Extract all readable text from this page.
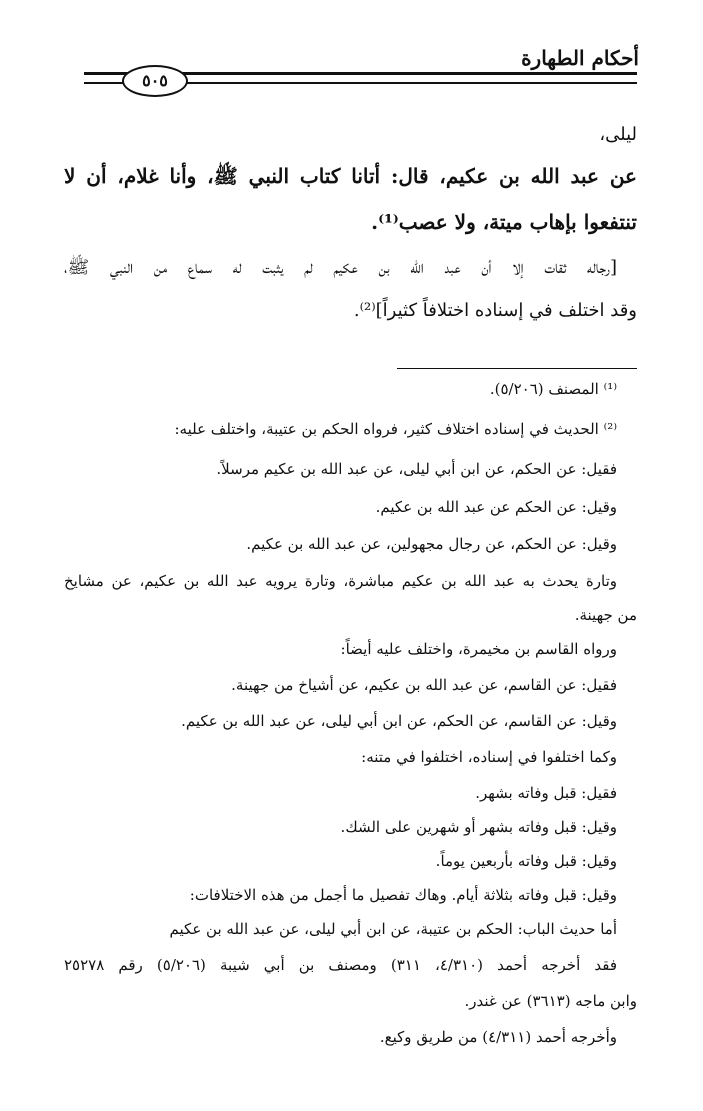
أحكام الطهارة
٥٠٥
ليلى،
عن عبد الله بن عكيم، قال: أتانا كتاب النبي ﷺ، وأنا غلام، أن لا
تنتفعوا بإهاب ميتة، ولا عصب⁽¹⁾.
[رجاله ثقات إلا أن عبد الله بن عكيم لم يثبت له سماع من النبي ﷺ،
وقد اختلف في إسناده اختلافاً كثيراً]⁽²⁾.
⁽¹⁾ المصنف (٥/٢٠٦).
⁽²⁾ الحديث في إسناده اختلاف كثير، فرواه الحكم بن عتيبة، واختلف عليه:
فقيل: عن الحكم، عن ابن أبي ليلى، عن عبد الله بن عكيم مرسلاً.
وقيل: عن الحكم عن عبد الله بن عكيم.
وقيل: عن الحكم، عن رجال مجهولين، عن عبد الله بن عكيم.
وتارة يحدث به عبد الله بن عكيم مباشرة، وتارة يرويه عبد الله بن عكيم، عن مشايخ
من جهينة.
ورواه القاسم بن مخيمرة، واختلف عليه أيضاً:
فقيل: عن القاسم، عن عبد الله بن عكيم، عن أشياخ من جهينة.
وقيل: عن القاسم، عن الحكم، عن ابن أبي ليلى، عن عبد الله بن عكيم.
وكما اختلفوا في إسناده، اختلفوا في متنه:
فقيل: قبل وفاته بشهر.
وقيل: قبل وفاته بشهر أو شهرين على الشك.
وقيل: قبل وفاته بأربعين يوماً.
وقيل: قبل وفاته بثلاثة أيام. وهاك تفصيل ما أجمل من هذه الاختلافات:
أما حديث الباب: الحكم بن عتيبة، عن ابن أبي ليلى، عن عبد الله بن عكيم
فقد أخرجه أحمد (٤/٣١٠، ٣١١) ومصنف بن أبي شيبة (٥/٢٠٦) رقم ٢٥٢٧٨
وابن ماجه (٣٦١٣) عن غندر.
وأخرجه أحمد (٤/٣١١) من طريق وكيع.
